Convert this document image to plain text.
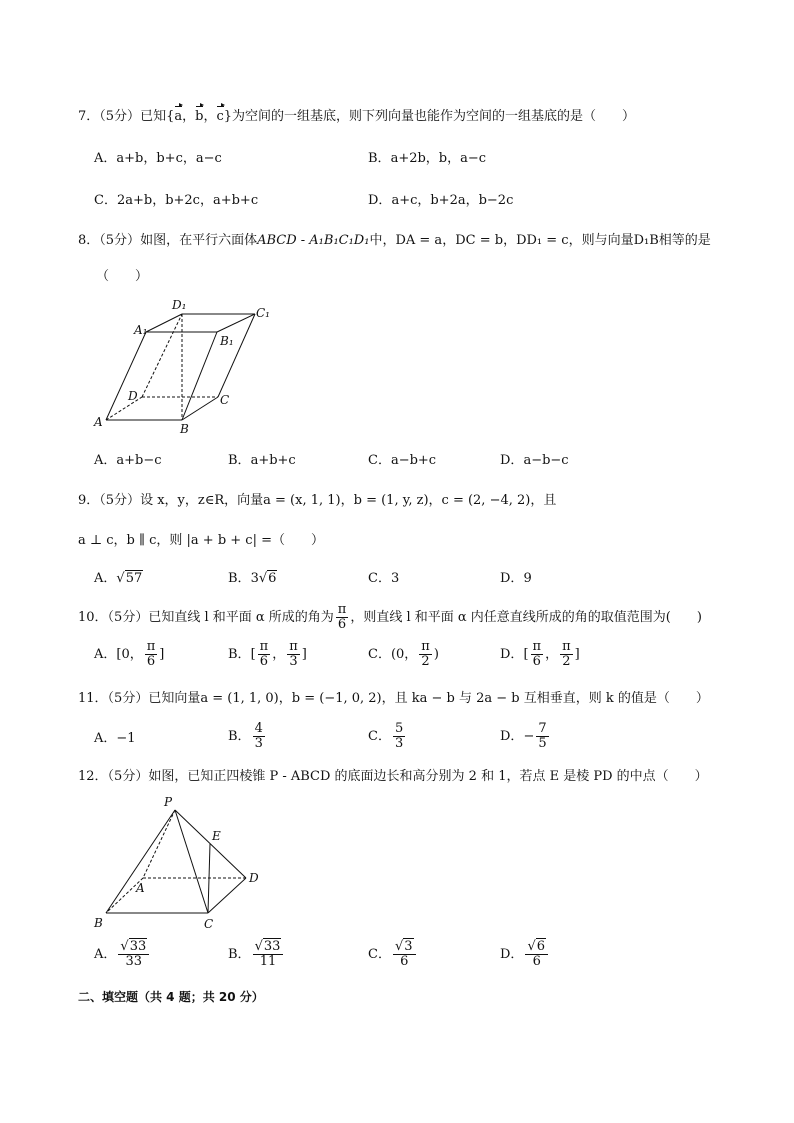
7．（5分）已知{a，b，c}为空间的一组基底，则下列向量也能作为空间的一组基底的是（　　）
A．a+b，b+c，a−c	B．a+2b，b，a−c
C．2a+b，b+2c，a+b+c	D．a+c，b+2a，b−2c
8．（5分）如图，在平行六面体ABCD - A₁B₁C₁D₁中，DA = a，DC = b，DD₁ = c，则与向量D₁B相等的是
（　　）
D₁
C₁
A₁
B₁
D	C
A	B
A．a+b−c	B．a+b+c	C．a−b+c	D．a−b−c
9．（5分）设 x，y，z∈R，向量a = (x, 1, 1)，b = (1, y, z)，c = (2, −4, 2)，且
a ⊥ c，b ∥ c，则 |a + b + c| =（　　）
A．√57	B．3√6	C．3	D．9
10．（5分）已知直线 l 和平面 α 所成的角为 $\frac{\pi}{6}$ ，则直线 l 和平面 α 内任意直线所成的角的取值范围为(　　)
A．[0， $\frac{\pi}{6}$ ]	B．[ $\frac{\pi}{6}$ ， $\frac{\pi}{3}$ ]	C．(0， $\frac{\pi}{2}$ )	D．[ $\frac{\pi}{6}$ ， $\frac{\pi}{2}$ ]
11．（5分）已知向量a = (1, 1, 0)，b = (−1, 0, 2)，且 ka − b 与 2a − b 互相垂直，则 k 的值是（　　）
A．−1	B． $\frac{4}{3}$	C． $\frac{5}{3}$	D．− $\frac{7}{5}$
12．（5分）如图，已知正四棱锥 P - ABCD 的底面边长和高分别为 2 和 1，若点 E 是棱 PD 的中点（　　）
P
E
A
D
B	C
A． $\frac{√33}{33}$	B． $\frac{√33}{11}$	C． $\frac{√3}{6}$	D． $\frac{√6}{6}$
二、填空题（共 4 题；共 20 分）
